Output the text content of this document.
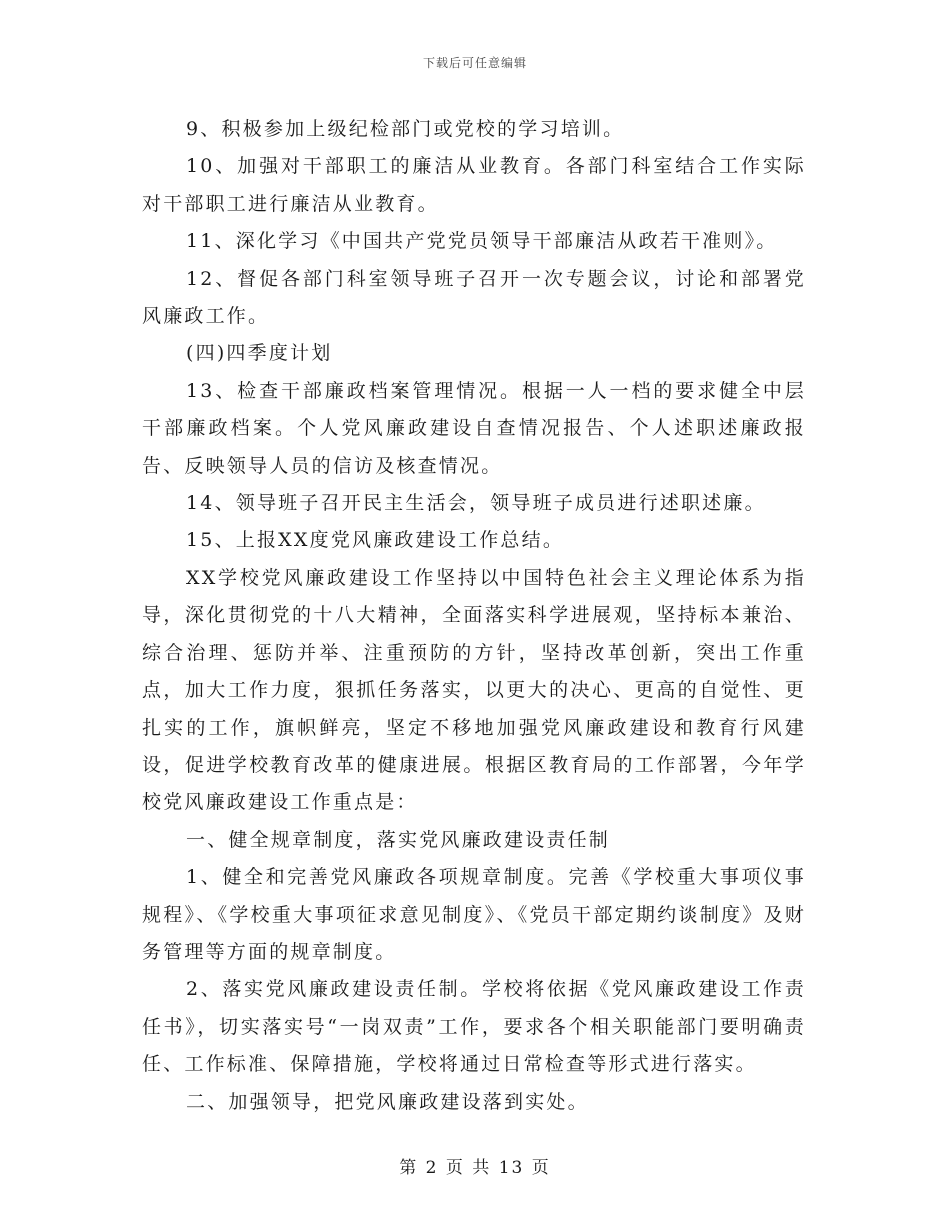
下载后可任意编辑

9、积极参加上级纪检部门或党校的学习培训。

10、加强对干部职工的廉洁从业教育。各部门科室结合工作实际对干部职工进行廉洁从业教育。

11、深化学习《中国共产党党员领导干部廉洁从政若干准则》。

12、督促各部门科室领导班子召开一次专题会议，讨论和部署党风廉政工作。

(四)四季度计划

13、检查干部廉政档案管理情况。根据一人一档的要求健全中层干部廉政档案。个人党风廉政建设自查情况报告、个人述职述廉政报告、反映领导人员的信访及核查情况。

14、领导班子召开民主生活会，领导班子成员进行述职述廉。

15、上报XX度党风廉政建设工作总结。

XX学校党风廉政建设工作坚持以中国特色社会主义理论体系为指导，深化贯彻党的十八大精神，全面落实科学进展观，坚持标本兼治、综合治理、惩防并举、注重预防的方针，坚持改革创新，突出工作重点，加大工作力度，狠抓任务落实，以更大的决心、更高的自觉性、更扎实的工作，旗帜鲜亮，坚定不移地加强党风廉政建设和教育行风建设，促进学校教育改革的健康进展。根据区教育局的工作部署，今年学校党风廉政建设工作重点是：

一、健全规章制度，落实党风廉政建设责任制

1、健全和完善党风廉政各项规章制度。完善《学校重大事项仪事规程》、《学校重大事项征求意见制度》、《党员干部定期约谈制度》及财务管理等方面的规章制度。

2、落实党风廉政建设责任制。学校将依据《党风廉政建设工作责任书》，切实落实号“一岗双责”工作，要求各个相关职能部门要明确责任、工作标准、保障措施，学校将通过日常检查等形式进行落实。

二、加强领导，把党风廉政建设落到实处。

第 2 页 共 13 页
